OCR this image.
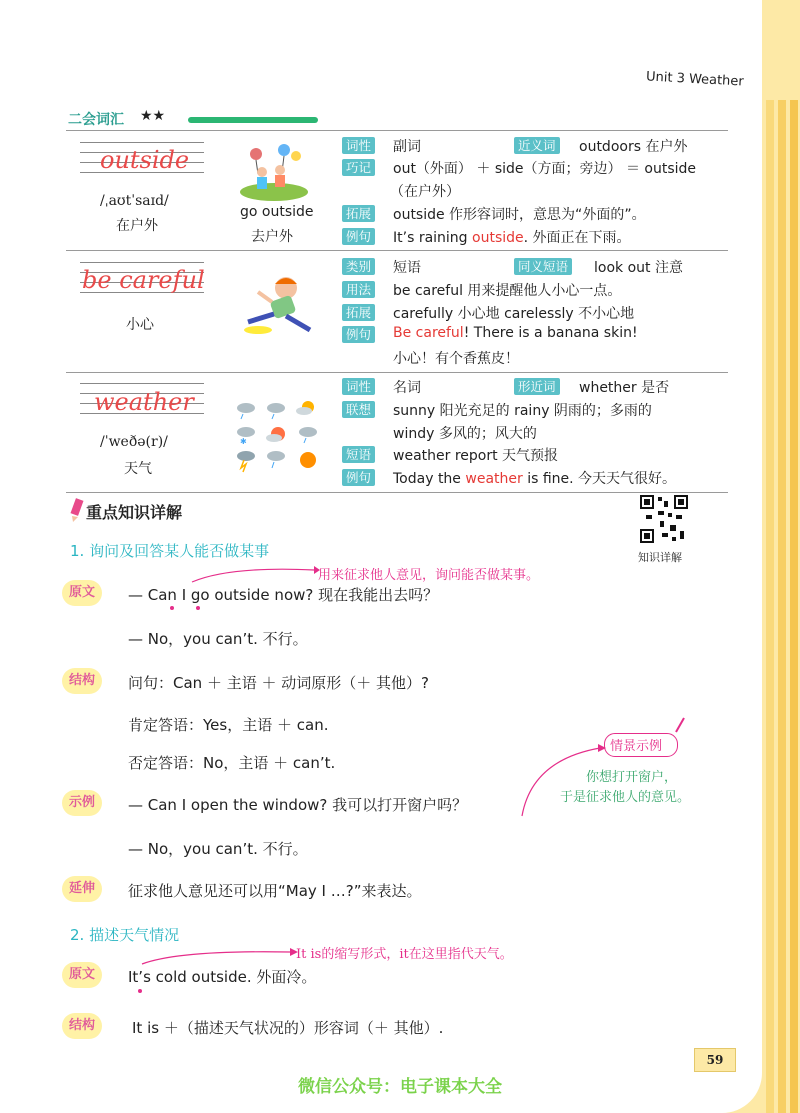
Unit 3 Weather
二会词汇 ★★
outside
/ˌaʊtˈsaɪd/
在户外
go outside
去户外
词性 副词	近义词 outdoors 在户外
巧记 out（外面） ＋ side（方面；旁边） ＝ outside
（在户外）
拓展 outside 作形容词时，意思为“外面的”。
例句 It’s raining outside. 外面正在下雨。
be careful
小心
类别 短语	同义短语 look out 注意
用法 be careful 用来提醒他人小心一点。
拓展 carefully 小心地 carelessly 不小心地
例句 Be careful! There is a banana skin!
小心！有个香蕉皮！
weather
/ˈweðə(r)/
天气
✱
词性 名词	形近词 whether 是否
联想 sunny 阳光充足的 rainy 阴雨的；多雨的
windy 多风的；风大的
短语 weather report 天气预报
例句 Today the weather is fine. 今天天气很好。
重点知识详解
知识详解
1. 询问及回答某人能否做某事
用来征求他人意见，询问能否做某事。
原文	— Can I go outside now? 现在我能出去吗？
— No，you can’t. 不行。
结构	问句：Can ＋ 主语 ＋ 动词原形（＋ 其他）?
肯定答语：Yes，主语 ＋ can.
否定答语：No，主语 ＋ can’t.
情景示例
你想打开窗户，
于是征求他人的意见。
示例	— Can I open the window? 我可以打开窗户吗？
— No，you can’t. 不行。
延伸	征求他人意见还可以用“May I …?”来表达。
2. 描述天气情况
It is的缩写形式，it在这里指代天气。
原文	It’s cold outside. 外面冷。
结构	It is ＋（描述天气状况的）形容词（＋ 其他）.
59
微信公众号：电子课本大全
